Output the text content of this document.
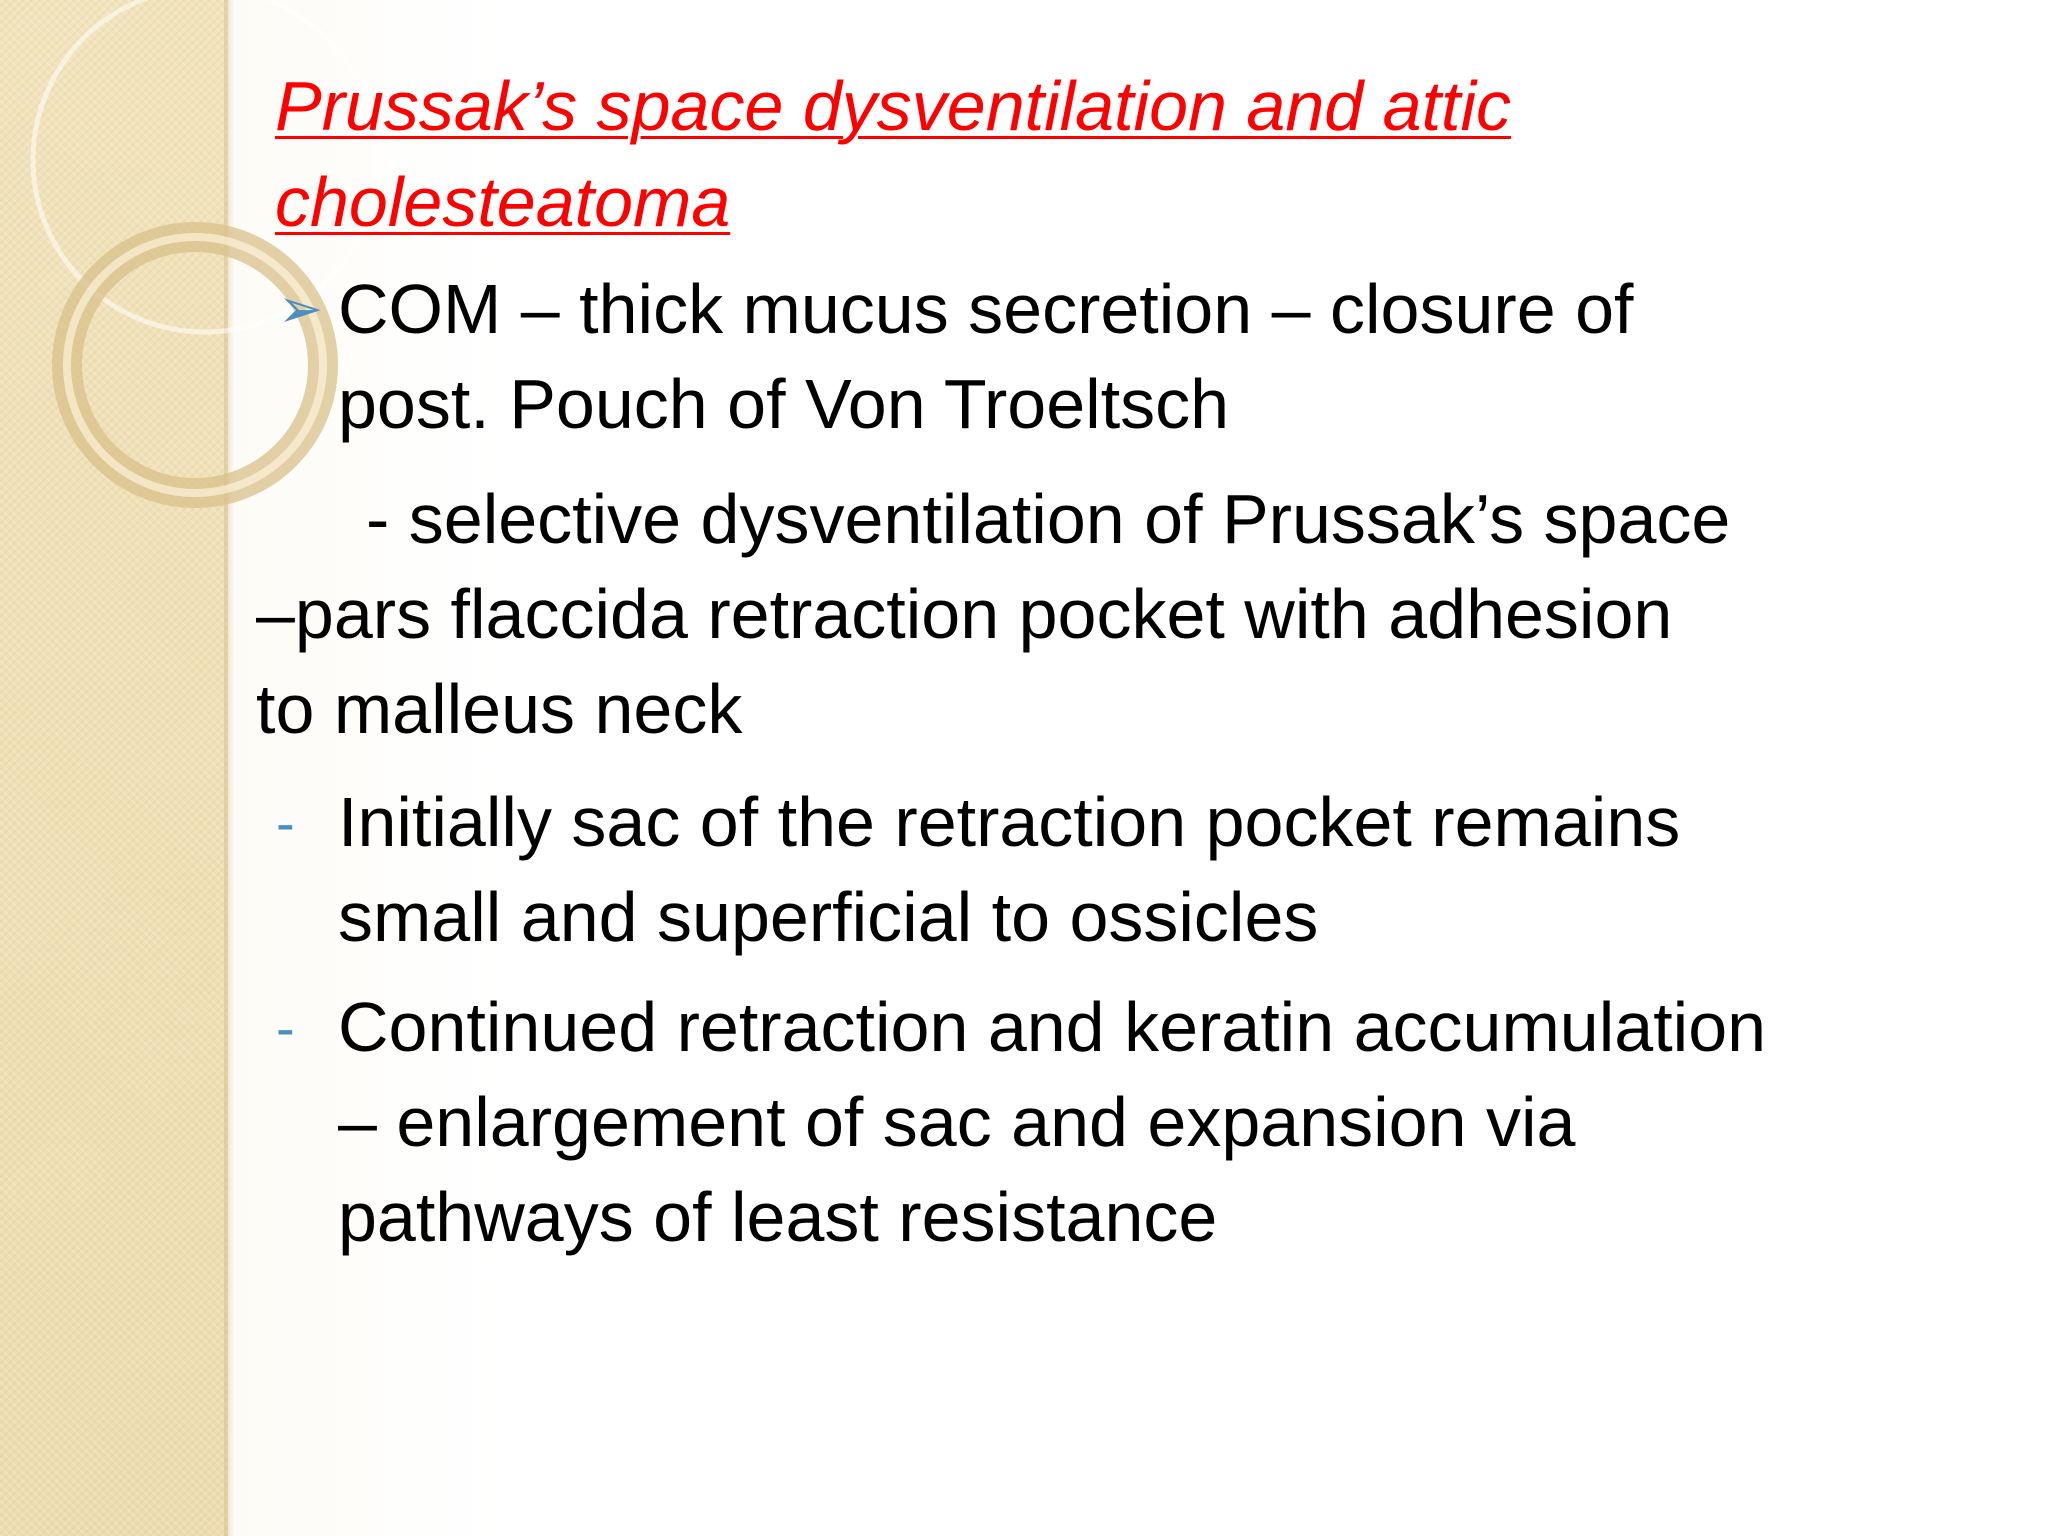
Prussak’s space dysventilation and attic
cholesteatoma
➢ COM – thick mucus secretion – closure of
post. Pouch of Von Troeltsch

- selective dysventilation of Prussak’s space
–pars flaccida retraction pocket with adhesion
to malleus neck

- Initially sac of the retraction pocket remains
small and superficial to ossicles

- Continued retraction and keratin accumulation
– enlargement of sac and expansion via
pathways of least resistance
